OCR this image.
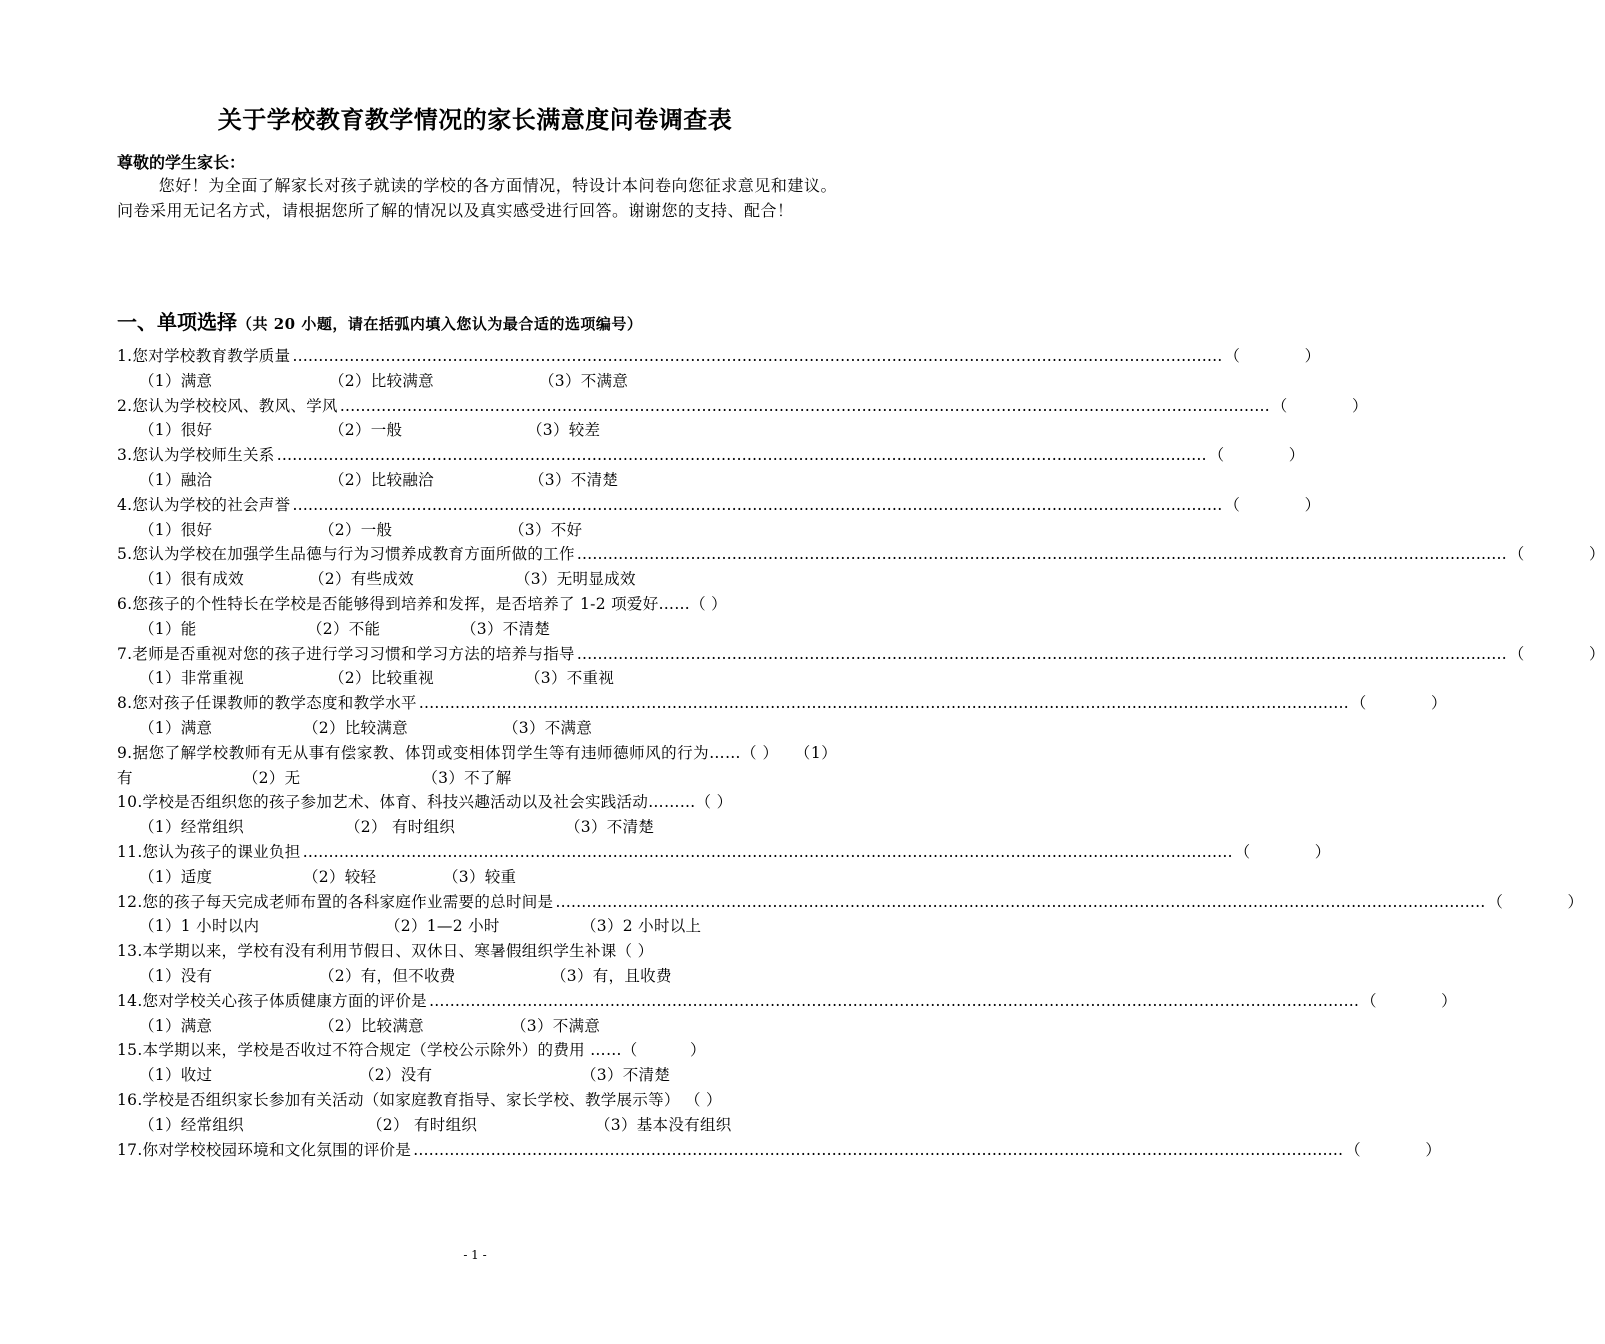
关于学校教育教学情况的家长满意度问卷调查表

尊敬的学生家长：

您好！为全面了解家长对孩子就读的学校的各方面情况，特设计本问卷向您征求意见和建议。问卷采用无记名方式，请根据您所了解的情况以及真实感受进行回答。谢谢您的支持、配合！

一、单项选择（共 20 小题，请在括弧内填入您认为最合适的选项编号）

1.您对学校教育教学质量 ……………………………………………………………………………………………………………………………………………………………… （	）
（1）满意	（2）比较满意	（3）不满意
2.您认为学校校风、教风、学风 ……………………………………………………………………………………………………………………………………………………………… （	）
（1）很好	（2）一般	（3）较差
3.您认为学校师生关系 ……………………………………………………………………………………………………………………………………………………………… （	）
（1）融洽	（2）比较融洽	（3）不清楚
4.您认为学校的社会声誉 ……………………………………………………………………………………………………………………………………………………………… （	）
（1）很好	（2）一般	（3）不好
5.您认为学校在加强学生品德与行为习惯养成教育方面所做的工作 ……………………………………………………………………………………………………………………………………………………………… （	）
（1）很有成效	（2）有些成效	（3）无明显成效
6.您孩子的个性特长在学校是否能够得到培养和发挥，是否培养了 1-2 项爱好……（ ）
（1）能	（2）不能	（3）不清楚
7.老师是否重视对您的孩子进行学习习惯和学习方法的培养与指导 ……………………………………………………………………………………………………………………………………………………………… （	）
（1）非常重视	（2）比较重视	（3）不重视
8.您对孩子任课教师的教学态度和教学水平 ……………………………………………………………………………………………………………………………………………………………… （	）
（1）满意	（2）比较满意	（3）不满意
9.据您了解学校教师有无从事有偿家教、体罚或变相体罚学生等有违师德师风的行为……（ ） （1）有	（2）无	（3）不了解
10.学校是否组织您的孩子参加艺术、体育、科技兴趣活动以及社会实践活动………（ ）
（1）经常组织	（2） 有时组织	（3）不清楚
11.您认为孩子的课业负担 ……………………………………………………………………………………………………………………………………………………………… （	）
（1）适度	（2）较轻	（3）较重
12.您的孩子每天完成老师布置的各科家庭作业需要的总时间是 ……………………………………………………………………………………………………………………………………………………………… （	）
（1）1 小时以内	（2）1—2 小时	（3）2 小时以上
13.本学期以来，学校有没有利用节假日、双休日、寒暑假组织学生补课（ ）
（1）没有	（2）有，但不收费	（3）有，且收费
14.您对学校关心孩子体质健康方面的评价是 ……………………………………………………………………………………………………………………………………………………………… （	）
（1）满意	（2）比较满意	（3）不满意
15.本学期以来，学校是否收过不符合规定（学校公示除外）的费用 …… （	）
（1）收过	（2）没有	（3）不清楚
16.学校是否组织家长参加有关活动（如家庭教育指导、家长学校、教学展示等） （ ）
（1）经常组织	（2） 有时组织	（3）基本没有组织
17.你对学校校园环境和文化氛围的评价是 ……………………………………………………………………………………………………………………………………………………………… （	）
- 1 -
